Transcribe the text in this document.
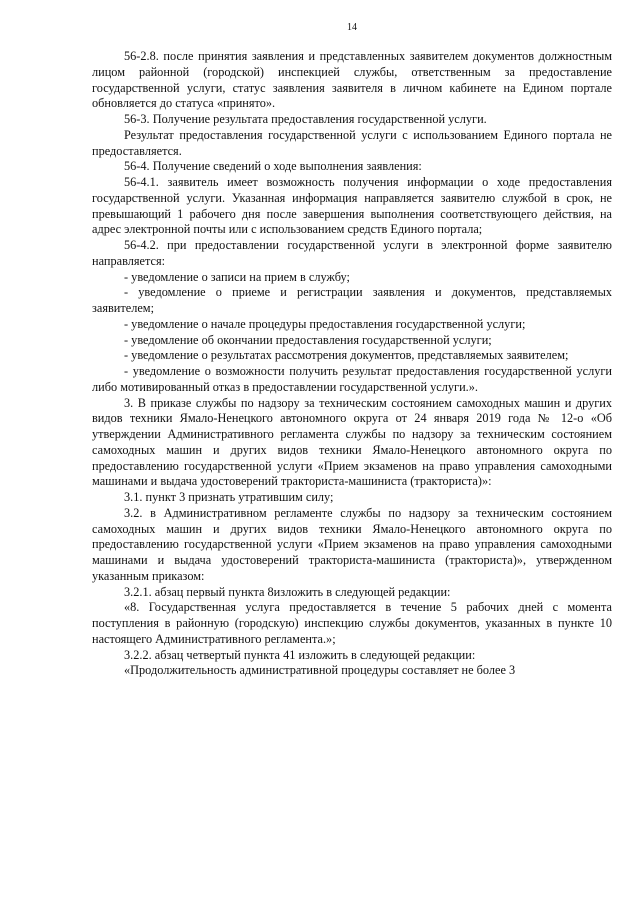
14

56-2.8. после принятия заявления и представленных заявителем документов должностным лицом районной (городской) инспекцией службы, ответственным за предоставление государственной услуги, статус заявления заявителя в личном кабинете на Едином портале обновляется до статуса «принято».

56-3. Получение результата предоставления государственной услуги.

Результат предоставления государственной услуги с использованием Единого портала не предоставляется.

56-4. Получение сведений о ходе выполнения заявления:

56-4.1. заявитель имеет возможность получения информации о ходе предоставления государственной услуги. Указанная информация направляется заявителю службой в срок, не превышающий 1 рабочего дня после завершения выполнения соответствующего действия, на адрес электронной почты или с использованием средств Единого портала;

56-4.2. при предоставлении государственной услуги в электронной форме заявителю направляется:

- уведомление о записи на прием в службу;

- уведомление о приеме и регистрации заявления и документов, представляемых заявителем;

- уведомление о начале процедуры предоставления государственной услуги;

- уведомление об окончании предоставления государственной услуги;

- уведомление о результатах рассмотрения документов, представляемых заявителем;

- уведомление о возможности получить результат предоставления государственной услуги либо мотивированный отказ в предоставлении государственной услуги.».

3. В приказе службы по надзору за техническим состоянием самоходных машин и других видов техники Ямало-Ненецкого автономного округа от 24 января 2019 года № 12-о «Об утверждении Административного регламента службы по надзору за техническим состоянием самоходных машин и других видов техники Ямало-Ненецкого автономного округа по предоставлению государственной услуги «Прием экзаменов на право управления самоходными машинами и выдача удостоверений тракториста-машиниста (тракториста)»:

3.1. пункт 3 признать утратившим силу;

3.2. в Административном регламенте службы по надзору за техническим состоянием самоходных машин и других видов техники Ямало-Ненецкого автономного округа по предоставлению государственной услуги «Прием экзаменов на право управления самоходными машинами и выдача удостоверений тракториста-машиниста (тракториста)», утвержденном указанным приказом:

3.2.1. абзац первый пункта 8изложить в следующей редакции:

«8. Государственная услуга предоставляется в течение 5 рабочих дней с момента поступления в районную (городскую) инспекцию службы документов, указанных в пункте 10 настоящего Административного регламента.»;

3.2.2. абзац четвертый пункта 41 изложить в следующей редакции:

«Продолжительность административной процедуры составляет не более 3
